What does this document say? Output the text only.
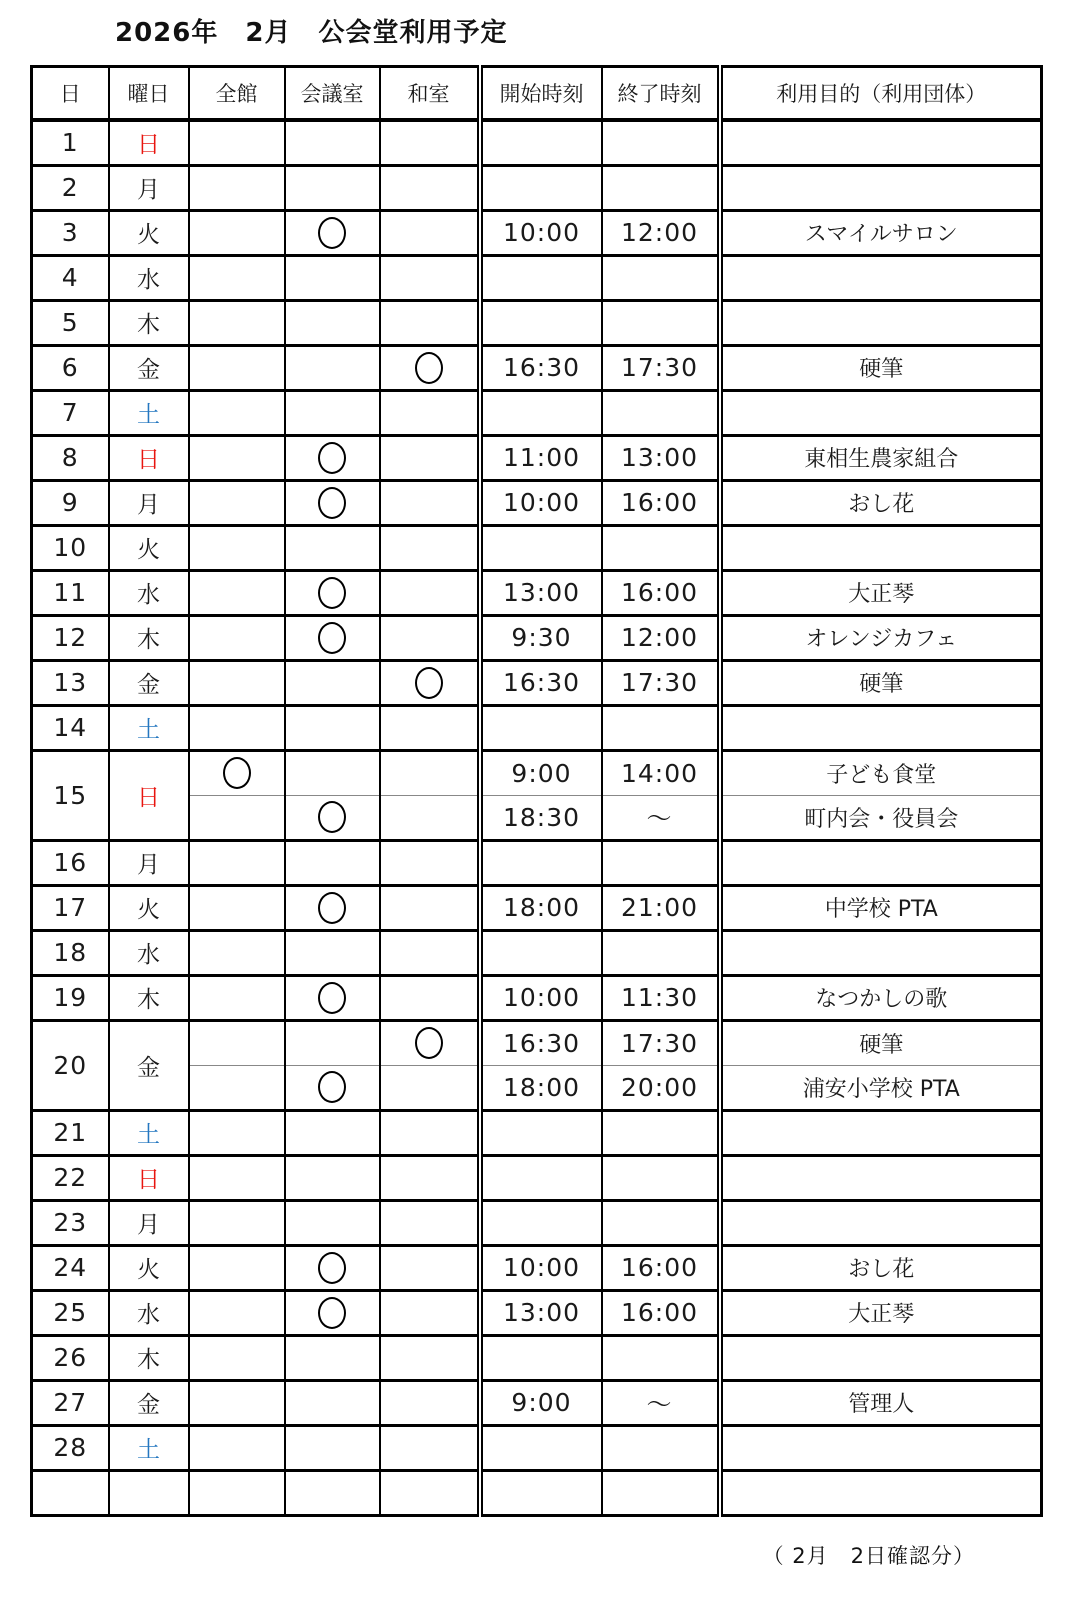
2026年　2月　公会堂利用予定
日	曜日	全館	会議室	和室	開始時刻	終了時刻	利用目的（利用団体）
1	日						
2	月						
3	火				10:00	12:00	スマイルサロン
4	水						
5	木						
6	金				16:30	17:30	硬筆
7	土						
8	日				11:00	13:00	東相生農家組合
9	月				10:00	16:00	おし花
10	火						
11	水				13:00	16:00	大正琴
12	木				9:30	12:00	オレンジカフェ
13	金				16:30	17:30	硬筆
14	土						
15	日				9:00	14:00	子ども食堂

				18:30	～	町内会・役員会
16	月						
17	火				18:00	21:00	中学校 PTA
18	水						
19	木				10:00	11:30	なつかしの歌
20	金				16:30	17:30	硬筆

				18:00	20:00	浦安小学校 PTA
21	土						
22	日						
23	月						
24	火				10:00	16:00	おし花
25	水				13:00	16:00	大正琴
26	木						
27	金				9:00	～	管理人
28	土						

（ 2月　2日確認分）
